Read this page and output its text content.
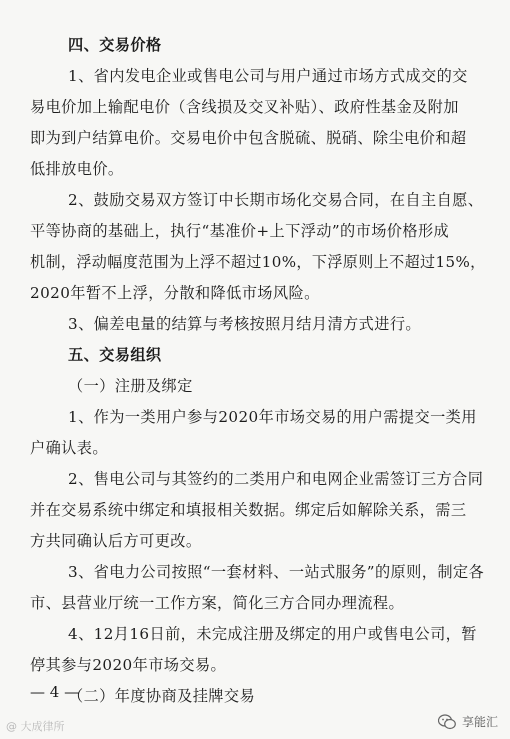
四、交易价格
1、省内发电企业或售电公司与用户通过市场方式成交的交
易电价加上输配电价（含线损及交叉补贴）、政府性基金及附加
即为到户结算电价。交易电价中包含脱硫、脱硝、除尘电价和超
低排放电价。
2、鼓励交易双方签订中长期市场化交易合同，在自主自愿、
平等协商的基础上，执行“基准价+上下浮动”的市场价格形成
机制，浮动幅度范围为上浮不超过10%，下浮原则上不超过15%，
2020年暂不上浮，分散和降低市场风险。
3、偏差电量的结算与考核按照月结月清方式进行。
五、交易组织
（一）注册及绑定
1、作为一类用户参与2020年市场交易的用户需提交一类用
户确认表。
2、售电公司与其签约的二类用户和电网企业需签订三方合同
并在交易系统中绑定和填报相关数据。绑定后如解除关系，需三
方共同确认后方可更改。
3、省电力公司按照“一套材料、一站式服务”的原则，制定各
市、县营业厅统一工作方案，简化三方合同办理流程。
4、12月16日前，未完成注册及绑定的用户或售电公司，暂
停其参与2020年市场交易。
（二）年度协商及挂牌交易
— 4 —
@ 大成律所	享能汇
